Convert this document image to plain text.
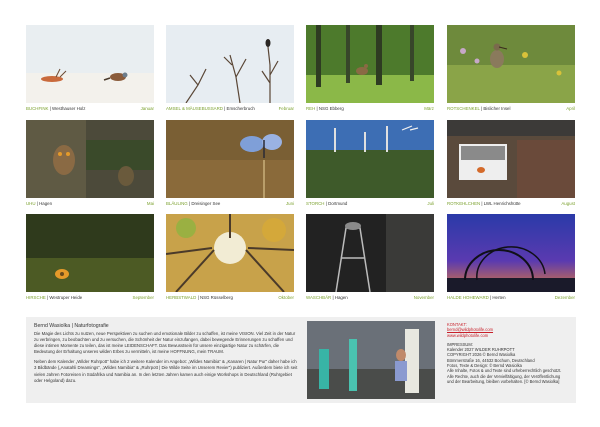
BUCHFINK | Westhauser Holz	Januar	AMSEL & MÄUSEBUSSARD | Emscherbruch	Februar	REH | NSG Ebberg	März	ROTSCHENKEL | Bislicher Insel	April
UHU | Hagen	Mai	BLÄULING | Dreisinger See	Juni	STORCH | Dortmund	Juli	ROTKEHLCHEN | LWL Henrichshütte	August
HIRSCHE | Westruper Heide	September	HERBSTWALD | NSG Rüsselberg	Oktober	WASCHBÄR | Hagen	November	HALDE HOHEWARD | Herten	Dezember
Bernd Wasiolka | Naturfotografie

Die Magie des Lichts zu nutzen, neue Perspektiven zu suchen und emotionale Bilder zu schaffen, ist meine VISION. Viel Zeit in der Natur zu verbringen, zu beobachten und zu versuchen, die Schönheit der Natur einzufangen, dabei bewegende Erinnerungen zu schaffen und diese intimen Momente zu teilen, das ist meine LEIDENSCHAFT. Das Bewusstsein für unsere einzigartige Natur zu schärfen, die Bedeutung der Erhaltung unseres wilden Erbes zu vermitteln, ist meine HOFFNUNG, mein TRAUM.

Neben dem Kalender „Wilder Ruhrpott“ habe ich 2 weitere Kalender im Angebot: „Wildes Namibia“ & „Kanaren | Natur Pur“ daher habe ich 3 Bildbände („Anatahli Dreamings“, „Wildes Namibia“ & „Ruhrpott | Die Wilde Seite im Unserem Revier“) publiziert. Außerdem biete ich seit vielen Jahren Fotoreisen in Südafrika und Namibia an. In den letzten Jahren kamen auch einige Workshops in Deutschland (Ruhrgebiet oder Helgoland) dazu.

KONTAKT:
bernd@wildphotolife.com
www.wildphotolife.com
IMPRESSUM:
Kalender 2027 WILDER RUHRPOTT
COPYRIGHT 2026 © Bernd Wasiolka
Bömmerstraße 16, 44532 Bochum, Deutschland
Fotos, Texte & Design: © Bernd Wasiolka
Alle Inhalte, Fotos & und Texte sind urheberrechtlich geschützt.
Alle Rechte, auch die der Vervielfältigung, der Veröffentlichung
und der Bearbeitung, bleiben vorbehalten. [© Bernd Wasiolka]
